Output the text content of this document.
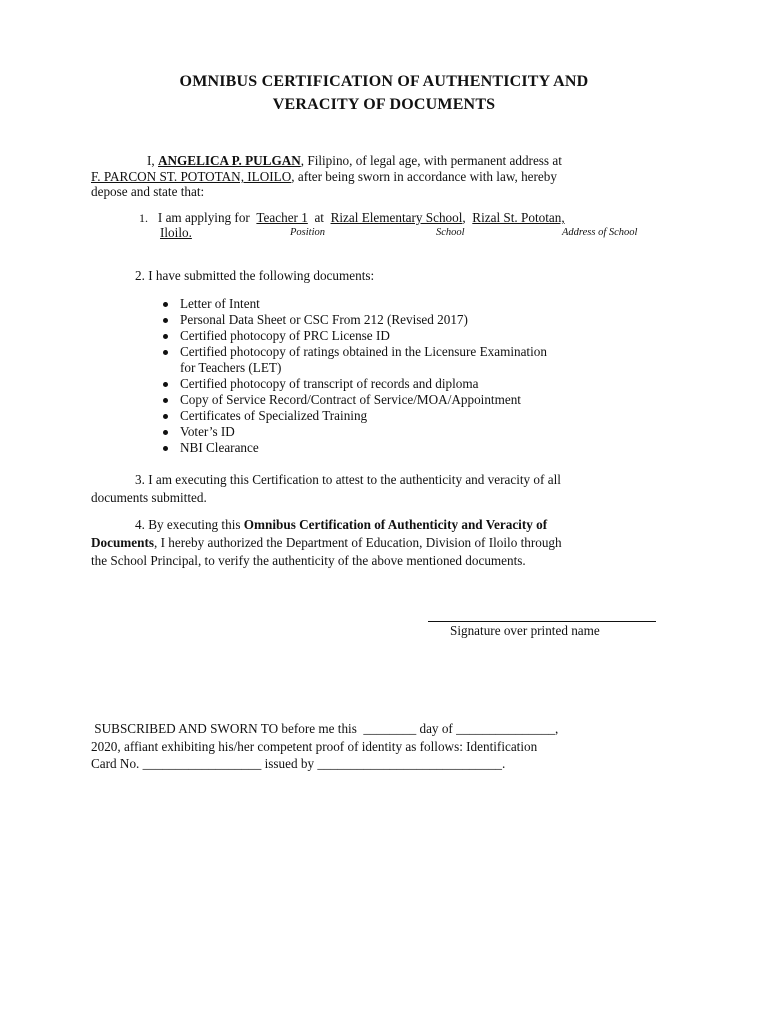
OMNIBUS CERTIFICATION OF AUTHENTICITY AND
VERACITY OF DOCUMENTS
I, ANGELICA P. PULGAN, Filipino, of legal age, with permanent address at
F. PARCON ST. POTOTAN, ILOILO, after being sworn in accordance with law, hereby
depose and state that:
1. I am applying for Teacher 1 at Rizal Elementary School, Rizal St. Pototan,
Iloilo.	Position	School	Address of School
2. I have submitted the following documents:
Letter of Intent
Personal Data Sheet or CSC From 212 (Revised 2017)
Certified photocopy of PRC License ID
Certified photocopy of ratings obtained in the Licensure Examination
for Teachers (LET)
Certified photocopy of transcript of records and diploma
Copy of Service Record/Contract of Service/MOA/Appointment
Certificates of Specialized Training
Voter’s ID
NBI Clearance
3. I am executing this Certification to attest to the authenticity and veracity of all
documents submitted.
4. By executing this Omnibus Certification of Authenticity and Veracity of
Documents, I hereby authorized the Department of Education, Division of Iloilo through
the School Principal, to verify the authenticity of the above mentioned documents.
Signature over printed name
SUBSCRIBED AND SWORN TO before me this  ________ day of _______________,
2020, affiant exhibiting his/her competent proof of identity as follows: Identification
Card No. __________________ issued by ____________________________.
